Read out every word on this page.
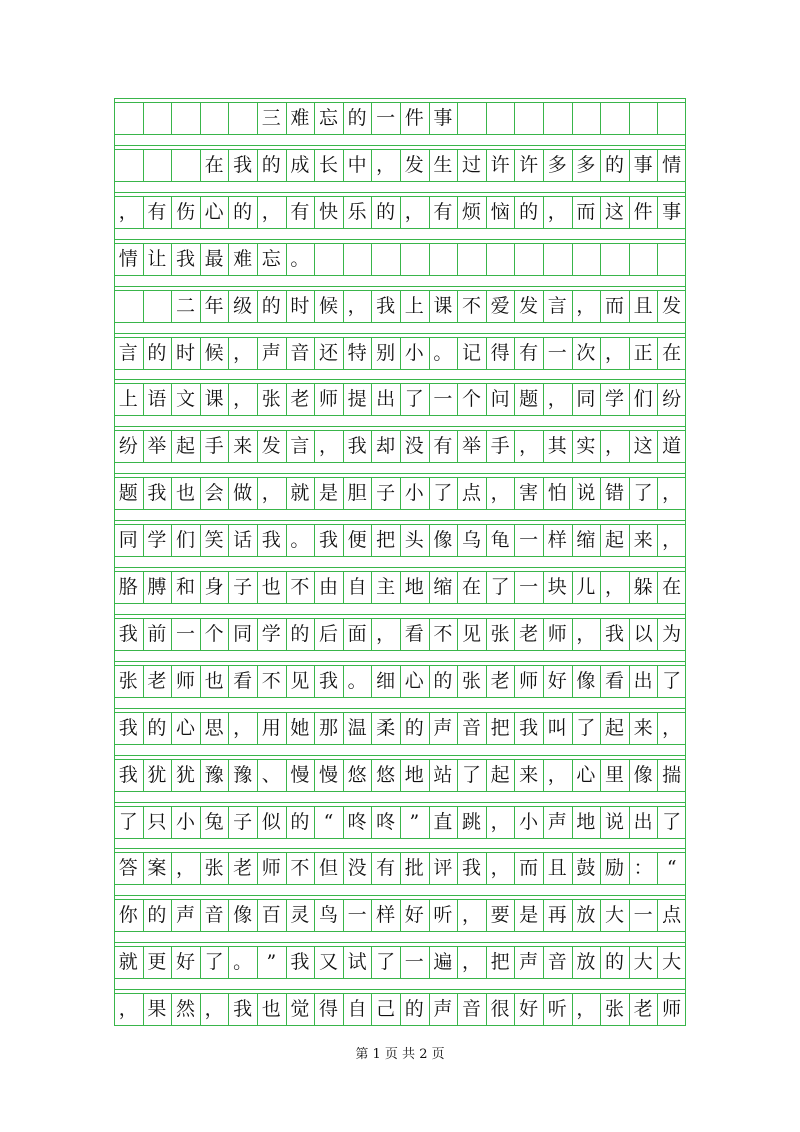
三 难 忘 的 一 件 事
在 我 的 成 长 中 ， 发 生 过 许 许 多 多 的 事 情
， 有 伤 心 的 ， 有 快 乐 的 ， 有 烦 恼 的 ， 而 这 件 事
情 让 我 最 难 忘 。
二 年 级 的 时 候 ， 我 上 课 不 爱 发 言 ， 而 且 发
言 的 时 候 ， 声 音 还 特 别 小 。 记 得 有 一 次 ， 正 在
上 语 文 课 ， 张 老 师 提 出 了 一 个 问 题 ， 同 学 们 纷
纷 举 起 手 来 发 言 ， 我 却 没 有 举 手 ， 其 实 ， 这 道
题 我 也 会 做 ， 就 是 胆 子 小 了 点 ， 害 怕 说 错 了 ，
同 学 们 笑 话 我 。 我 便 把 头 像 乌 龟 一 样 缩 起 来 ，
胳 膊 和 身 子 也 不 由 自 主 地 缩 在 了 一 块 儿 ， 躲 在
我 前 一 个 同 学 的 后 面 ， 看 不 见 张 老 师 ， 我 以 为
张 老 师 也 看 不 见 我 。 细 心 的 张 老 师 好 像 看 出 了
我 的 心 思 ， 用 她 那 温 柔 的 声 音 把 我 叫 了 起 来 ，
我 犹 犹 豫 豫 、 慢 慢 悠 悠 地 站 了 起 来 ， 心 里 像 揣
了 只 小 兔 子 似 的 “ 咚 咚 ” 直 跳 ， 小 声 地 说 出 了
答 案 ， 张 老 师 不 但 没 有 批 评 我 ， 而 且 鼓 励 ： “
你 的 声 音 像 百 灵 鸟 一 样 好 听 ， 要 是 再 放 大 一 点
就 更 好 了 。 ” 我 又 试 了 一 遍 ， 把 声 音 放 的 大 大
， 果 然 ， 我 也 觉 得 自 己 的 声 音 很 好 听 ， 张 老 师
第 1 页 共 2 页
